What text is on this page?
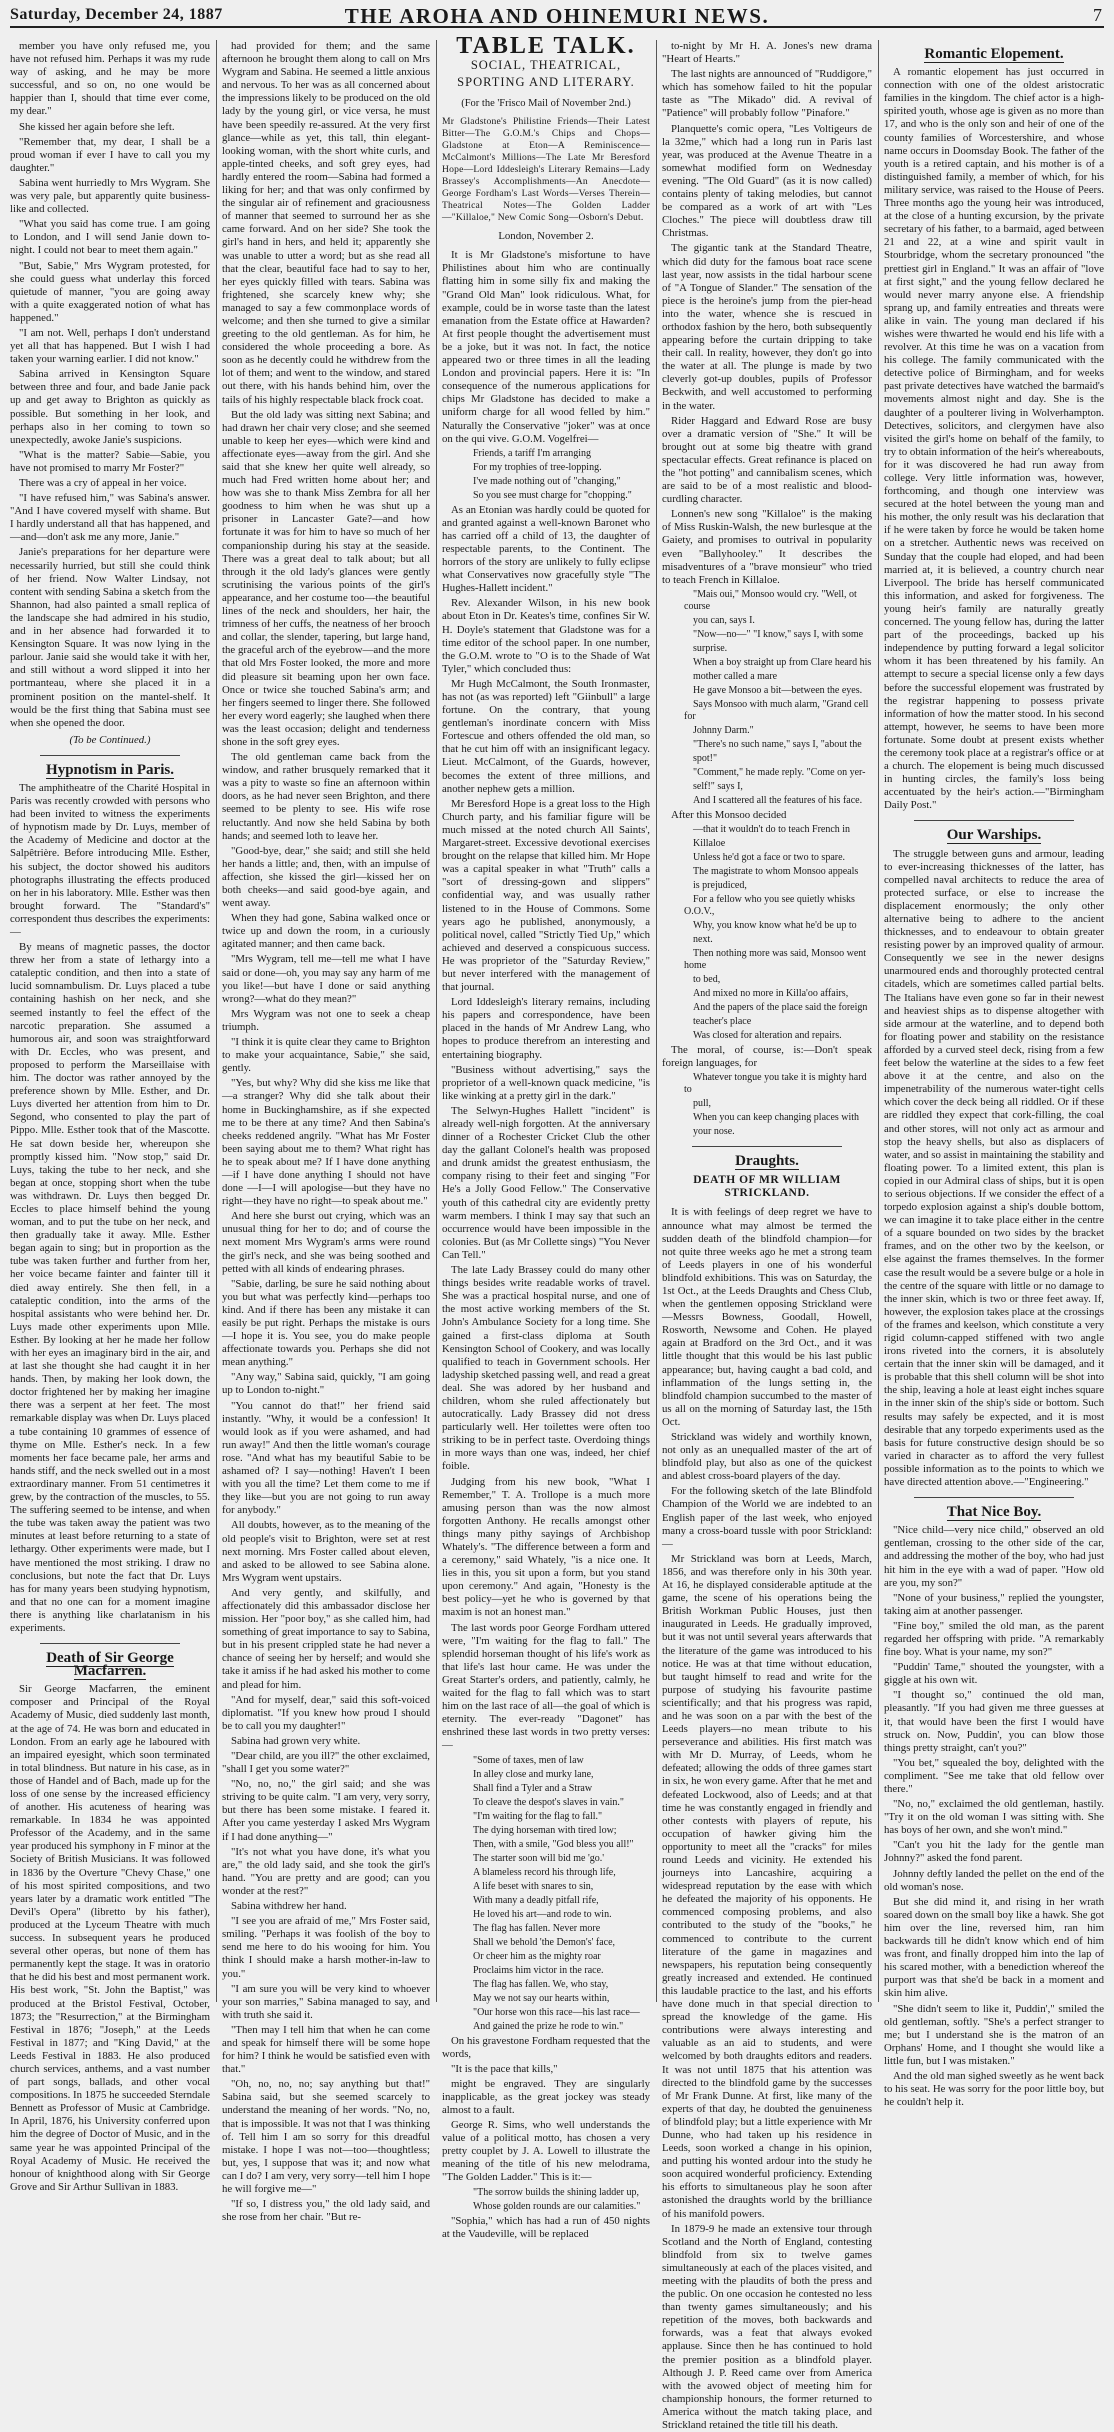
Saturday, December 24, 1887	THE AROHA AND OHINEMURI NEWS.	7

member you have only refused me, you have not refused him. Perhaps it was my rude way of asking, and he may be more successful, and so on, no one would be happier than I, should that time ever come, my dear."

She kissed her again before she left.

"Remember that, my dear, I shall be a proud woman if ever I have to call you my daughter."

Sabina went hurriedly to Mrs Wygram. She was very pale, but apparently quite business-like and collected.

"What you said has come true. I am going to London, and I will send Janie down to-night. I could not bear to meet them again."

"But, Sabie," Mrs Wygram protested, for she could guess what underlay this forced quietude of manner, "you are going away with a quite exaggerated notion of what has happened."

"I am not. Well, perhaps I don't understand yet all that has happened. But I wish I had taken your warning earlier. I did not know."

Sabina arrived in Kensington Square between three and four, and bade Janie pack up and get away to Brighton as quickly as possible. But something in her look, and perhaps also in her coming to town so unexpectedly, awoke Janie's suspicions.

"What is the matter? Sabie—Sabie, you have not promised to marry Mr Foster?"

There was a cry of appeal in her voice.

"I have refused him," was Sabina's answer. "And I have covered myself with shame. But I hardly understand all that has happened, and—and—don't ask me any more, Janie."

Janie's preparations for her departure were necessarily hurried, but still she could think of her friend. Now Walter Lindsay, not content with sending Sabina a sketch from the Shannon, had also painted a small replica of the landscape she had admired in his studio, and in her absence had forwarded it to Kensington Square. It was now lying in the parlour. Janie said she would take it with her, and still without a word slipped it into her portmanteau, where she placed it in a prominent position on the mantel-shelf. It would be the first thing that Sabina must see when she opened the door.

(To be Continued.)
Hypnotism in Paris.

The amphitheatre of the Charité Hospital in Paris was recently crowded with persons who had been invited to witness the experiments of hypnotism made by Dr. Luys, member of the Academy of Medicine and doctor at the Salpêtrière. Before introducing Mlle. Esther, his subject, the doctor showed his auditors photographs illustrating the effects produced on her in his laboratory. Mlle. Esther was then brought forward. The "Standard's" correspondent thus describes the experiments:—

By means of magnetic passes, the doctor threw her from a state of lethargy into a cataleptic condition, and then into a state of lucid somnambulism. Dr. Luys placed a tube containing hashish on her neck, and she seemed instantly to feel the effect of the narcotic preparation. She assumed a humorous air, and soon was straightforward with Dr. Eccles, who was present, and proposed to perform the Marseillaise with him. The doctor was rather annoyed by the preference shown by Mlle. Esther, and Dr. Luys diverted her attention from him to Dr. Segond, who consented to play the part of Pippo. Mlle. Esther took that of the Mascotte. He sat down beside her, whereupon she promptly kissed him. "Now stop," said Dr. Luys, taking the tube to her neck, and she began at once, stopping short when the tube was withdrawn. Dr. Luys then begged Dr. Eccles to place himself behind the young woman, and to put the tube on her neck, and then gradually take it away. Mlle. Esther began again to sing; but in proportion as the tube was taken further and further from her, her voice became fainter and fainter till it died away entirely. She then fell, in a cataleptic condition, into the arms of the hospital assistants who were behind her. Dr. Luys made other experiments upon Mlle. Esther. By looking at her he made her follow with her eyes an imaginary bird in the air, and at last she thought she had caught it in her hands. Then, by making her look down, the doctor frightened her by making her imagine there was a serpent at her feet. The most remarkable display was when Dr. Luys placed a tube containing 10 grammes of essence of thyme on Mlle. Esther's neck. In a few moments her face became pale, her arms and hands stiff, and the neck swelled out in a most extraordinary manner. From 51 centimetres it grew, by the contraction of the muscles, to 55. The suffering seemed to be intense, and when the tube was taken away the patient was two minutes at least before returning to a state of lethargy. Other experiments were made, but I have mentioned the most striking. I draw no conclusions, but note the fact that Dr. Luys has for many years been studying hypnotism, and that no one can for a moment imagine there is anything like charlatanism in his experiments.

Death of Sir George Macfarren.

Sir George Macfarren, the eminent composer and Principal of the Royal Academy of Music, died suddenly last month, at the age of 74. He was born and educated in London. From an early age he laboured with an impaired eyesight, which soon terminated in total blindness. But nature in his case, as in those of Handel and of Bach, made up for the loss of one sense by the increased efficiency of another. His acuteness of hearing was remarkable. In 1834 he was appointed Professor of the Academy, and in the same year produced his symphony in F minor at the Society of British Musicians. It was followed in 1836 by the Overture "Chevy Chase," one of his most spirited compositions, and two years later by a dramatic work entitled "The Devil's Opera" (libretto by his father), produced at the Lyceum Theatre with much success. In subsequent years he produced several other operas, but none of them has permanently kept the stage. It was in oratorio that he did his best and most permanent work. His best work, "St. John the Baptist," was produced at the Bristol Festival, October, 1873; the "Resurrection," at the Birmingham Festival in 1876; "Joseph," at the Leeds Festival in 1877; and "King David," at the Leeds Festival in 1883. He also produced church services, anthems, and a vast number of part songs, ballads, and other vocal compositions. In 1875 he succeeded Sterndale Bennett as Professor of Music at Cambridge. In April, 1876, his University conferred upon him the degree of Doctor of Music, and in the same year he was appointed Principal of the Royal Academy of Music. He received the honour of knighthood along with Sir George Grove and Sir Arthur Sullivan in 1883.

had provided for them; and the same afternoon he brought them along to call on Mrs Wygram and Sabina. He seemed a little anxious and nervous. To her was as all concerned about the impressions likely to be produced on the old lady by the young girl, or vice versa, he must have been speedily re-assured. At the very first glance—while as yet, this tall, thin elegant-looking woman, with the short white curls, and apple-tinted cheeks, and soft grey eyes, had hardly entered the room—Sabina had formed a liking for her; and that was only confirmed by the singular air of refinement and graciousness of manner that seemed to surround her as she came forward. And on her side? She took the girl's hand in hers, and held it; apparently she was unable to utter a word; but as she read all that the clear, beautiful face had to say to her, her eyes quickly filled with tears. Sabina was frightened, she scarcely knew why; she managed to say a few commonplace words of welcome; and then she turned to give a similar greeting to the old gentleman. As for him, he considered the whole proceeding a bore. As soon as he decently could he withdrew from the lot of them; and went to the window, and stared out there, with his hands behind him, over the tails of his highly respectable black frock coat.

But the old lady was sitting next Sabina; and had drawn her chair very close; and she seemed unable to keep her eyes—which were kind and affectionate eyes—away from the girl. And she said that she knew her quite well already, so much had Fred written home about her; and how was she to thank Miss Zembra for all her goodness to him when he was shut up a prisoner in Lancaster Gate?—and how fortunate it was for him to have so much of her companionship during his stay at the seaside. There was a great deal to talk about; but all through it the old lady's glances were gently scrutinising the various points of the girl's appearance, and her costume too—the beautiful lines of the neck and shoulders, her hair, the trimness of her cuffs, the neatness of her brooch and collar, the slender, tapering, but large hand, the graceful arch of the eyebrow—and the more that old Mrs Foster looked, the more and more did pleasure sit beaming upon her own face. Once or twice she touched Sabina's arm; and her fingers seemed to linger there. She followed her every word eagerly; she laughed when there was the least occasion; delight and tenderness shone in the soft grey eyes.

The old gentleman came back from the window, and rather brusquely remarked that it was a pity to waste so fine an afternoon within doors, as he had never seen Brighton, and there seemed to be plenty to see. His wife rose reluctantly. And now she held Sabina by both hands; and seemed loth to leave her.

"Good-bye, dear," she said; and still she held her hands a little; and, then, with an impulse of affection, she kissed the girl—kissed her on both cheeks—and said good-bye again, and went away.

When they had gone, Sabina walked once or twice up and down the room, in a curiously agitated manner; and then came back.

"Mrs Wygram, tell me—tell me what I have said or done—oh, you may say any harm of me you like!—but have I done or said anything wrong?—what do they mean?"

Mrs Wygram was not one to seek a cheap triumph.

"I think it is quite clear they came to Brighton to make your acquaintance, Sabie," she said, gently.

"Yes, but why? Why did she kiss me like that—a stranger? Why did she talk about their home in Buckinghamshire, as if she expected me to be there at any time? And then Sabina's cheeks reddened angrily. "What has Mr Foster been saying about me to them? What right has he to speak about me? If I have done anything—if I have done anything I should not have done —I—I will apologise—but they have no right—they have no right—to speak about me."

And here she burst out crying, which was an unusual thing for her to do; and of course the next moment Mrs Wygram's arms were round the girl's neck, and she was being soothed and petted with all kinds of endearing phrases.

"Sabie, darling, be sure he said nothing about you but what was perfectly kind—perhaps too kind. And if there has been any mistake it can easily be put right. Perhaps the mistake is ours—I hope it is. You see, you do make people affectionate towards you. Perhaps she did not mean anything."

"Any way," Sabina said, quickly, "I am going up to London to-night."

"You cannot do that!" her friend said instantly. "Why, it would be a confession! It would look as if you were ashamed, and had run away!" And then the little woman's courage rose. "And what has my beautiful Sabie to be ashamed of? I say—nothing! Haven't I been with you all the time? Let them come to me if they like—but you are not going to run away for anybody."

All doubts, however, as to the meaning of the old people's visit to Brighton, were set at rest next morning. Mrs Foster called about eleven, and asked to be allowed to see Sabina alone. Mrs Wygram went upstairs.

And very gently, and skilfully, and affectionately did this ambassador disclose her mission. Her "poor boy," as she called him, had something of great importance to say to Sabina, but in his present crippled state he had never a chance of seeing her by herself; and would she take it amiss if he had asked his mother to come and plead for him.

"And for myself, dear," said this soft-voiced diplomatist. "If you knew how proud I should be to call you my daughter!"

Sabina had grown very white.

"Dear child, are you ill?" the other exclaimed, "shall I get you some water?"

"No, no, no," the girl said; and she was striving to be quite calm. "I am very, very sorry, but there has been some mistake. I feared it. After you came yesterday I asked Mrs Wygram if I had done anything—"

"It's not what you have done, it's what you are," the old lady said, and she took the girl's hand. "You are pretty and are good; can you wonder at the rest?"

Sabina withdrew her hand.

"I see you are afraid of me," Mrs Foster said, smiling. "Perhaps it was foolish of the boy to send me here to do his wooing for him. You think I should make a harsh mother-in-law to you."

"I am sure you will be very kind to whoever your son marries," Sabina managed to say, and with truth she said it.

"Then may I tell him that when he can come and speak for himself there will be some hope for him? I think he would be satisfied even with that."

"Oh, no, no, no; say anything but that!" Sabina said, but she seemed scarcely to understand the meaning of her words. "No, no, that is impossible. It was not that I was thinking of. Tell him I am so sorry for this dreadful mistake. I hope I was not—too—thoughtless; but, yes, I suppose that was it; and now what can I do? I am very, very sorry—tell him I hope he will forgive me—"

"If so, I distress you," the old lady said, and she rose from her chair. "But re-

TABLE TALK.
SOCIAL, THEATRICAL, SPORTING AND LITERARY.
(For the 'Frisco Mail of November 2nd.)
Mr Gladstone's Philistine Friends—Their Latest Bitter—The G.O.M.'s Chips and Chops—Gladstone at Eton—A Reminiscence—McCalmont's Millions—The Late Mr Beresford Hope—Lord Iddesleigh's Literary Remains—Lady Brassey's Accomplishments—An Anecdote—George Fordham's Last Words—Verses Therein—Theatrical Notes—The Golden Ladder—"Killaloe," New Comic Song—Osborn's Debut.
London, November 2.

It is Mr Gladstone's misfortune to have Philistines about him who are continually flatting him in some silly fix and making the "Grand Old Man" look ridiculous. What, for example, could be in worse taste than the latest emanation from the Estate office at Hawarden? At first people thought the advertisement must be a joke, but it was not. In fact, the notice appeared two or three times in all the leading London and provincial papers. Here it is: "In consequence of the numerous applications for chips Mr Gladstone has decided to make a uniform charge for all wood felled by him." Naturally the Conservative "joker" was at once on the qui vive. G.O.M. Vogelfrei—

Friends, a tariff I'm arranging

For my trophies of tree-lopping.

I've made nothing out of "changing,"

So you see must charge for "chopping."

As an Etonian was hardly could be quoted for and granted against a well-known Baronet who has carried off a child of 13, the daughter of respectable parents, to the Continent. The horrors of the story are unlikely to fully eclipse what Conservatives now gracefully style "The Hughes-Hallett incident."

Rev. Alexander Wilson, in his new book about Eton in Dr. Keates's time, confines Sir W. H. Doyle's statement that Gladstone was for a time editor of the school paper. In one number, the G.O.M. wrote to "O is to the Shade of Wat Tyler," which concluded thus:

Mr Hugh McCalmont, the South Ironmaster, has not (as was reported) left "Giinbull" a large fortune. On the contrary, that young gentleman's inordinate concern with Miss Fortescue and others offended the old man, so that he cut him off with an insignificant legacy. Lieut. McCalmont, of the Guards, however, becomes the extent of three millions, and another nephew gets a million.

Mr Beresford Hope is a great loss to the High Church party, and his familiar figure will be much missed at the noted church All Saints', Margaret-street. Excessive devotional exercises brought on the relapse that killed him. Mr Hope was a capital speaker in what "Truth" calls a "sort of dressing-gown and slippers" confidential way, and was usually rather listened to in the House of Commons. Some years ago he published, anonymously, a political novel, called "Strictly Tied Up," which achieved and deserved a conspicuous success. He was proprietor of the "Saturday Review," but never interfered with the management of that journal.

Lord Iddesleigh's literary remains, including his papers and correspondence, have been placed in the hands of Mr Andrew Lang, who hopes to produce therefrom an interesting and entertaining biography.

"Business without advertising," says the proprietor of a well-known quack medicine, "is like winking at a pretty girl in the dark."

The Selwyn-Hughes Hallett "incident" is already well-nigh forgotten. At the anniversary dinner of a Rochester Cricket Club the other day the gallant Colonel's health was proposed and drunk amidst the greatest enthusiasm, the company rising to their feet and singing "For He's a Jolly Good Fellow." The Conservative youth of this cathedral city are evidently pretty warm members. I think I may say that such an occurrence would have been impossible in the colonies. But (as Mr Collette sings) "You Never Can Tell."

The late Lady Brassey could do many other things besides write readable works of travel. She was a practical hospital nurse, and one of the most active working members of the St. John's Ambulance Society for a long time. She gained a first-class diploma at South Kensington School of Cookery, and was locally qualified to teach in Government schools. Her ladyship sketched passing well, and read a great deal. She was adored by her husband and children, whom she ruled affectionately but autocratically. Lady Brassey did not dress particularly well. Her toilettes were often too striking to be in perfect taste. Overdoing things in more ways than one was, indeed, her chief foible.

Judging from his new book, "What I Remember," T. A. Trollope is a much more amusing person than was the now almost forgotten Anthony. He recalls amongst other things many pithy sayings of Archbishop Whately's. "The difference between a form and a ceremony," said Whately, "is a nice one. It lies in this, you sit upon a form, but you stand upon ceremony." And again, "Honesty is the best policy—yet he who is governed by that maxim is not an honest man."

The last words poor George Fordham uttered were, "I'm waiting for the flag to fall." The splendid horseman thought of his life's work as that life's last hour came. He was under the Great Starter's orders, and patiently, calmly, he waited for the flag to fall which was to start him on the last race of all—the goal of which is eternity. The ever-ready "Dagonet" has enshrined these last words in two pretty verses:—

"Some of taxes, men of law

In alley close and murky lane,

Shall find a Tyler and a Straw

To cleave the despot's slaves in vain."

"I'm waiting for the flag to fall."

The dying horseman with tired low;

Then, with a smile, "God bless you all!"

The starter soon will bid me 'go.'

A blameless record his through life,

A life beset with snares to sin,

With many a deadly pitfall rife,

He loved his art—and rode to win.

The flag has fallen. Never more

Shall we behold 'the Demon's' face,

Or cheer him as the mighty roar

Proclaims him victor in the race.

The flag has fallen. We, who stay,

May we not say our hearts within,

"Our horse won this race—his last race—

And gained the prize he rode to win."

On his gravestone Fordham requested that the words,

"It is the pace that kills,"

might be engraved. They are singularly inapplicable, as the great jockey was steady almost to a fault.

George R. Sims, who well understands the value of a political motto, has chosen a very pretty couplet by J. A. Lowell to illustrate the meaning of the title of his new melodrama, "The Golden Ladder." This is it:—

"The sorrow builds the shining ladder up,

Whose golden rounds are our calamities."

"Sophia," which has had a run of 450 nights at the Vaudeville, will be replaced

to-night by Mr H. A. Jones's new drama "Heart of Hearts."

The last nights are announced of "Ruddigore," which has somehow failed to hit the popular taste as "The Mikado" did. A revival of "Patience" will probably follow "Pinafore."

Planquette's comic opera, "Les Voltigeurs de la 32me," which had a long run in Paris last year, was produced at the Avenue Theatre in a somewhat modified form on Wednesday evening. "The Old Guard" (as it is now called) contains plenty of taking melodies, but cannot be compared as a work of art with "Les Cloches." The piece will doubtless draw till Christmas.

The gigantic tank at the Standard Theatre, which did duty for the famous boat race scene last year, now assists in the tidal harbour scene of "A Tongue of Slander." The sensation of the piece is the heroine's jump from the pier-head into the water, whence she is rescued in orthodox fashion by the hero, both subsequently appearing before the curtain dripping to take their call. In reality, however, they don't go into the water at all. The plunge is made by two cleverly got-up doubles, pupils of Professor Beckwith, and well accustomed to performing in the water.

Rider Haggard and Edward Rose are busy over a dramatic version of "She." It will be brought out at some big theatre with grand spectacular effects. Great refinance is placed on the "hot potting" and cannibalism scenes, which are said to be of a most realistic and blood-curdling character.

Lonnen's new song "Killaloe" is the making of Miss Ruskin-Walsh, the new burlesque at the Gaiety, and promises to outrival in popularity even "Ballyhooley." It describes the misadventures of a "brave monsieur" who tried to teach French in Killaloe.

"Mais oui," Monsoo would cry. "Well, ot course

you can, says I.

"Now—no—" "I know," says I, with some

surprise.

When a boy straight up from Clare heard his

mother called a mare

He gave Monsoo a bit—between the eyes.

Says Monsoo with much alarm, "Grand cell for

Johnny Darm."

"There's no such name," says I, "about the

spot!"

"Comment," he made reply. "Come on yer-

self!" says I,

And I scattered all the features of his face.

After this Monsoo decided

—that it wouldn't do to teach French in

Killaloe

Unless he'd got a face or two to spare.

The magistrate to whom Monsoo appeals

is prejudiced,

For a fellow who you see quietly whisks O.O.V.,

Why, you know know what he'd be up to

next.

Then nothing more was said, Monsoo went home

to bed,

And mixed no more in Killa'oo affairs,

And the papers of the place said the foreign

teacher's place

Was closed for alteration and repairs.

The moral, of course, is:—Don't speak foreign languages, for

Whatever tongue you take it is mighty hard to

pull,

When you can keep changing places with

your nose.

Draughts.
DEATH OF MR WILLIAM STRICKLAND.

It is with feelings of deep regret we have to announce what may almost be termed the sudden death of the blindfold champion—for not quite three weeks ago he met a strong team of Leeds players in one of his wonderful blindfold exhibitions. This was on Saturday, the 1st Oct., at the Leeds Draughts and Chess Club, when the gentlemen opposing Strickland were—Messrs Bowness, Goodall, Howell, Rosworth, Newsome and Cohen. He played again at Bradford on the 3rd Oct., and it was little thought that this would be his last public appearance; but, having caught a bad cold, and inflammation of the lungs setting in, the blindfold champion succumbed to the master of us all on the morning of Saturday last, the 15th Oct.

Strickland was widely and worthily known, not only as an unequalled master of the art of blindfold play, but also as one of the quickest and ablest cross-board players of the day.

For the following sketch of the late Blindfold Champion of the World we are indebted to an English paper of the last week, who enjoyed many a cross-board tussle with poor Strickland:—

Mr Strickland was born at Leeds, March, 1856, and was therefore only in his 30th year. At 16, he displayed considerable aptitude at the game, the scene of his operations being the British Workman Public Houses, just then inaugurated in Leeds. He gradually improved, but it was not until several years afterwards that the literature of the game was introduced to his notice. He was at that time without education, but taught himself to read and write for the purpose of studying his favourite pastime scientifically; and that his progress was rapid, and he was soon on a par with the best of the Leeds players—no mean tribute to his perseverance and abilities. His first match was with Mr D. Murray, of Leeds, whom he defeated; allowing the odds of three games start in six, he won every game. After that he met and defeated Lockwood, also of Leeds; and at that time he was constantly engaged in friendly and other contests with players of repute, his occupation of hawker giving him the opportunity to meet all the "cracks" for miles round Leeds and vicinity. He extended his journeys into Lancashire, acquiring a widespread reputation by the ease with which he defeated the majority of his opponents. He commenced composing problems, and also contributed to the study of the "books," he commenced to contribute to the current literature of the game in magazines and newspapers, his reputation being consequently greatly increased and extended. He continued this laudable practice to the last, and his efforts have done much in that special direction to spread the knowledge of the game. His contributions were always interesting and valuable as an aid to students, and were welcomed by both draughts editors and readers. It was not until 1875 that his attention was directed to the blindfold game by the successes of Mr Frank Dunne. At first, like many of the experts of that day, he doubted the genuineness of blindfold play; but a little experience with Mr Dunne, who had taken up his residence in Leeds, soon worked a change in his opinion, and putting his wonted ardour into the study he soon acquired wonderful proficiency. Extending his efforts to simultaneous play he soon after astonished the draughts world by the brilliance of his manifold powers.

In 1879-9 he made an extensive tour through Scotland and the North of England, contesting blindfold from six to twelve games simultaneously at each of the places visited, and meeting with the plaudits of both the press and the public. On one occasion he contested no less than twenty games simultaneously; and his repetition of the moves, both backwards and forwards, was a feat that always evoked applause. Since then he has continued to hold the premier position as a blindfold player. Although J. P. Reed came over from America with the avowed object of meeting him for championship honours, the former returned to America without the match taking place, and Strickland retained the title till his death.

Romantic Elopement.

A romantic elopement has just occurred in connection with one of the oldest aristocratic families in the kingdom. The chief actor is a high-spirited youth, whose age is given as no more than 17, and who is the only son and heir of one of the county families of Worcestershire, and whose name occurs in Doomsday Book. The father of the youth is a retired captain, and his mother is of a distinguished family, a member of which, for his military service, was raised to the House of Peers. Three months ago the young heir was introduced, at the close of a hunting excursion, by the private secretary of his father, to a barmaid, aged between 21 and 22, at a wine and spirit vault in Stourbridge, whom the secretary pronounced "the prettiest girl in England." It was an affair of "love at first sight," and the young fellow declared he would never marry anyone else. A friendship sprang up, and family entreaties and threats were alike in vain. The young man declared if his wishes were thwarted he would end his life with a revolver. At this time he was on a vacation from his college. The family communicated with the detective police of Birmingham, and for weeks past private detectives have watched the barmaid's movements almost night and day. She is the daughter of a poulterer living in Wolverhampton. Detectives, solicitors, and clergymen have also visited the girl's home on behalf of the family, to try to obtain information of the heir's whereabouts, for it was discovered he had run away from college. Very little information was, however, forthcoming, and though one interview was secured at the hotel between the young man and his mother, the only result was his declaration that if he were taken by force he would be taken home on a stretcher. Authentic news was received on Sunday that the couple had eloped, and had been married at, it is believed, a country church near Liverpool. The bride has herself communicated this information, and asked for forgiveness. The young heir's family are naturally greatly concerned. The young fellow has, during the latter part of the proceedings, backed up his independence by putting forward a legal solicitor whom it has been threatened by his family. An attempt to secure a special license only a few days before the successful elopement was frustrated by the registrar happening to possess private information of how the matter stood. In his second attempt, however, he seems to have been more fortunate. Some doubt at present exists whether the ceremony took place at a registrar's office or at a church. The elopement is being much discussed in hunting circles, the family's loss being accentuated by the heir's action.—"Birmingham Daily Post."

Our Warships.

The struggle between guns and armour, leading to ever-increasing thicknesses of the latter, has compelled naval architects to reduce the area of protected surface, or else to increase the displacement enormously; the only other alternative being to adhere to the ancient thicknesses, and to endeavour to obtain greater resisting power by an improved quality of armour. Consequently we see in the newer designs unarmoured ends and thoroughly protected central citadels, which are sometimes called partial belts. The Italians have even gone so far in their newest and heaviest ships as to dispense altogether with side armour at the waterline, and to depend both for floating power and stability on the resistance afforded by a curved steel deck, rising from a few feet below the waterline at the sides to a few feet above it at the centre, and also on the impenetrability of the numerous water-tight cells which cover the deck being all riddled. Or if these are riddled they expect that cork-filling, the coal and other stores, will not only act as armour and stop the heavy shells, but also as displacers of water, and so assist in maintaining the stability and floating power. To a limited extent, this plan is copied in our Admiral class of ships, but it is open to serious objections. If we consider the effect of a torpedo explosion against a ship's double bottom, we can imagine it to take place either in the centre of a square bounded on two sides by the bracket frames, and on the other two by the keelson, or else against the frames themselves. In the former case the result would be a severe bulge or a hole in the centre of the square with little or no damage to the inner skin, which is two or three feet away. If, however, the explosion takes place at the crossings of the frames and keelson, which constitute a very rigid column-capped stiffened with two angle irons riveted into the corners, it is absolutely certain that the inner skin will be damaged, and it is probable that this shell column will be shot into the ship, leaving a hole at least eight inches square in the inner skin of the ship's side or bottom. Such results may safely be expected, and it is most desirable that any torpedo experiments used as the basis for future constructive design should be so varied in character as to afford the very fullest possible information as to the points to which we have directed attention above.—"Engineering."

That Nice Boy.

"Nice child—very nice child," observed an old gentleman, crossing to the other side of the car, and addressing the mother of the boy, who had just hit him in the eye with a wad of paper. "How old are you, my son?"

"None of your business," replied the youngster, taking aim at another passenger.

"Fine boy," smiled the old man, as the parent regarded her offspring with pride. "A remarkably fine boy. What is your name, my son?"

"Puddin' Tame," shouted the youngster, with a giggle at his own wit.

"I thought so," continued the old man, pleasantly. "If you had given me three guesses at it, that would have been the first I would have struck on. Now, Puddin', you can blow those things pretty straight, can't you?"

"You bet," squealed the boy, delighted with the compliment. "See me take that old fellow over there."

"No, no," exclaimed the old gentleman, hastily. "Try it on the old woman I was sitting with. She has boys of her own, and she won't mind."

"Can't you hit the lady for the gentle man Johnny?" asked the fond parent.

Johnny deftly landed the pellet on the end of the old woman's nose.

But she did mind it, and rising in her wrath soared down on the small boy like a hawk. She got him over the line, reversed him, ran him backwards till he didn't know which end of him was front, and finally dropped him into the lap of his scared mother, with a benediction whereof the purport was that she'd be back in a moment and skin him alive.

"She didn't seem to like it, Puddin'," smiled the old gentleman, softly. "She's a perfect stranger to me; but I understand she is the matron of an Orphans' Home, and I thought she would like a little fun, but I was mistaken."

And the old man sighed sweetly as he went back to his seat. He was sorry for the poor little boy, but he couldn't help it.
